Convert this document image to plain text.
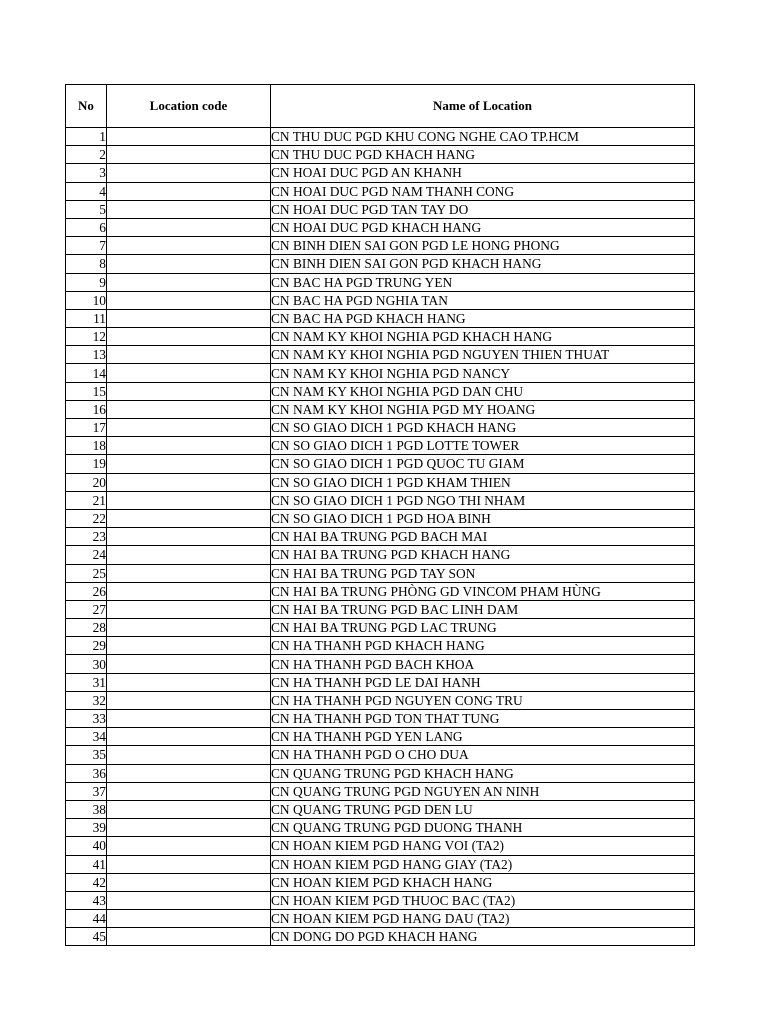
No	Location code	Name of Location
1		CN THU DUC PGD KHU CONG NGHE CAO TP.HCM
2		CN THU DUC PGD KHACH HANG
3		CN HOAI DUC PGD AN KHANH
4		CN HOAI DUC PGD NAM THANH CONG
5		CN HOAI DUC PGD TAN TAY DO
6		CN HOAI DUC PGD KHACH HANG
7		CN BINH DIEN SAI GON PGD LE HONG PHONG
8		CN BINH DIEN SAI GON PGD KHACH HANG
9		CN BAC HA PGD TRUNG YEN
10		CN BAC HA PGD NGHIA TAN
11		CN BAC HA PGD KHACH HANG
12		CN NAM KY KHOI NGHIA PGD KHACH HANG
13		CN NAM KY KHOI NGHIA PGD NGUYEN THIEN THUAT
14		CN NAM KY KHOI NGHIA PGD NANCY
15		CN NAM KY KHOI NGHIA PGD DAN CHU
16		CN NAM KY KHOI NGHIA PGD MY HOANG
17		CN SO GIAO DICH 1 PGD KHACH HANG
18		CN SO GIAO DICH 1 PGD LOTTE TOWER
19		CN SO GIAO DICH 1 PGD QUOC TU GIAM
20		CN SO GIAO DICH 1 PGD KHAM THIEN
21		CN SO GIAO DICH 1 PGD NGO THI NHAM
22		CN SO GIAO DICH 1 PGD HOA BINH
23		CN HAI BA TRUNG PGD BACH MAI
24		CN HAI BA TRUNG PGD KHACH HANG
25		CN HAI BA TRUNG PGD TAY SON
26		CN HAI BA TRUNG PHÒNG GD VINCOM PHAM HÙNG
27		CN HAI BA TRUNG PGD BAC LINH DAM
28		CN HAI BA TRUNG PGD LAC TRUNG
29		CN HA THANH PGD KHACH HANG
30		CN HA THANH PGD BACH KHOA
31		CN HA THANH PGD LE DAI HANH
32		CN HA THANH PGD NGUYEN CONG TRU
33		CN HA THANH PGD TON THAT TUNG
34		CN HA THANH PGD YEN LANG
35		CN HA THANH PGD O CHO DUA
36		CN QUANG TRUNG PGD KHACH HANG
37		CN QUANG TRUNG PGD NGUYEN AN NINH
38		CN QUANG TRUNG PGD DEN LU
39		CN QUANG TRUNG PGD DUONG THANH
40		CN HOAN KIEM PGD HANG VOI (TA2)
41		CN HOAN KIEM PGD HANG GIAY (TA2)
42		CN HOAN KIEM PGD KHACH HANG
43		CN HOAN KIEM PGD THUOC BAC (TA2)
44		CN HOAN KIEM PGD HANG DAU (TA2)
45		CN DONG DO PGD KHACH HANG
